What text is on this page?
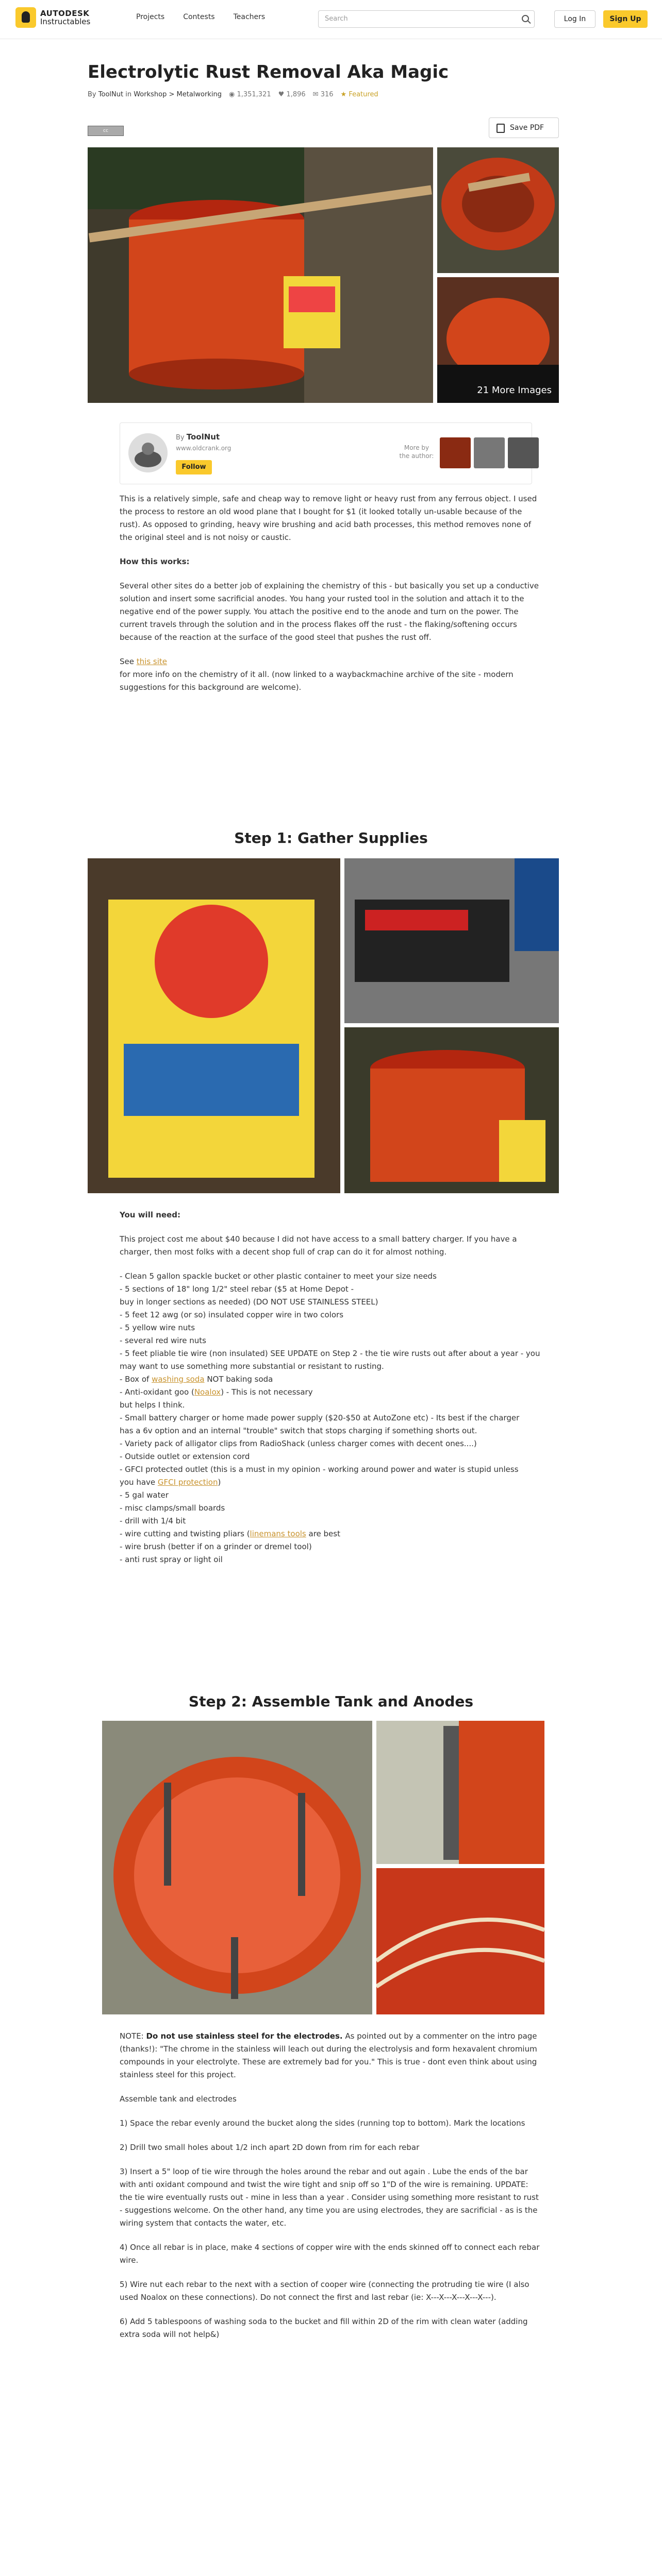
AUTODESK
Instructables	Projects	Contests	Teachers	Search	Log In	Sign Up
Electrolytic Rust Removal Aka Magic
By ToolNut in Workshop > Metalworking ◉ 1,351,321 ♥ 1,896 ✉ 316 ★ Featured
cc	Save PDF
21 More Images
By ToolNut
www.oldcrank.org
Follow
More by the author:

This is a relatively simple, safe and cheap way to remove light or heavy rust from any ferrous object. I used the process to restore an old wood plane that I bought for $1 (it looked totally un-usable because of the rust). As opposed to grinding, heavy wire brushing and acid bath processes, this method removes none of the original steel and is not noisy or caustic.

How this works:

Several other sites do a better job of explaining the chemistry of this - but basically you set up a conductive solution and insert some sacrificial anodes. You hang your rusted tool in the solution and attach it to the negative end of the power supply. You attach the positive end to the anode and turn on the power. The current travels through the solution and in the process flakes off the rust - the flaking/softening occurs because of the reaction at the surface of the good steel that pushes the rust off.

See this site

for more info on the chemistry of it all. (now linked to a waybackmachine archive of the site - modern suggestions for this background are welcome).

Step 1: Gather Supplies

You will need:

This project cost me about $40 because I did not have access to a small battery charger. If you have a charger, then most folks with a decent shop full of crap can do it for almost nothing.

- Clean 5 gallon spackle bucket or other plastic container to meet your size needs
- 5 sections of 18" long 1/2" steel rebar ($5 at Home Depot -
buy in longer sections as needed) (DO NOT USE STAINLESS STEEL)
- 5 feet 12 awg (or so) insulated copper wire in two colors
- 5 yellow wire nuts
- several red wire nuts
- 5 feet pliable tie wire (non insulated) SEE UPDATE on Step 2 - the tie wire rusts out after about a year - you may want to use something more substantial or resistant to rusting.
- Box of washing soda NOT baking soda
- Anti-oxidant goo (Noalox) - This is not necessary
but helps I think.
- Small battery charger or home made power supply ($20-$50 at AutoZone etc) - Its best if the charger
has a 6v option and an internal "trouble" switch that stops charging if something shorts out.
- Variety pack of alligator clips from RadioShack (unless charger comes with decent ones....)
- Outside outlet or extension cord
- GFCI protected outlet (this is a must in my opinion - working around power and water is stupid unless
you have GFCI protection)
- 5 gal water
- misc clamps/small boards
- drill with 1/4 bit
- wire cutting and twisting pliars (linemans tools are best
- wire brush (better if on a grinder or dremel tool)
- anti rust spray or light oil
Step 2: Assemble Tank and Anodes

NOTE: Do not use stainless steel for the electrodes. As pointed out by a commenter on the intro page (thanks!): "The chrome in the stainless will leach out during the electrolysis and form hexavalent chromium compounds in your electrolyte. These are extremely bad for you." This is true - dont even think about using stainless steel for this project.

Assemble tank and electrodes

1) Space the rebar evenly around the bucket along the sides (running top to bottom). Mark the locations

2) Drill two small holes about 1/2 inch apart 2D down from rim for each rebar

3) Insert a 5" loop of tie wire through the holes around the rebar and out again . Lube the ends of the bar with anti oxidant compound and twist the wire tight and snip off so 1"D of the wire is remaining. UPDATE: the tie wire eventually rusts out - mine in less than a year . Consider using something more resistant to rust - suggestions welcome. On the other hand, any time you are using electrodes, they are sacrificial - as is the wiring system that contacts the water, etc.

4) Once all rebar is in place, make 4 sections of copper wire with the ends skinned off to connect each rebar wire.

5) Wire nut each rebar to the next with a section of cooper wire (connecting the protruding tie wire (I also used Noalox on these connections). Do not connect the first and last rebar (ie: X---X---X---X---X---).

6) Add 5 tablespoons of washing soda to the bucket and fill within 2D of the rim with clean water (adding extra soda will not help&)
